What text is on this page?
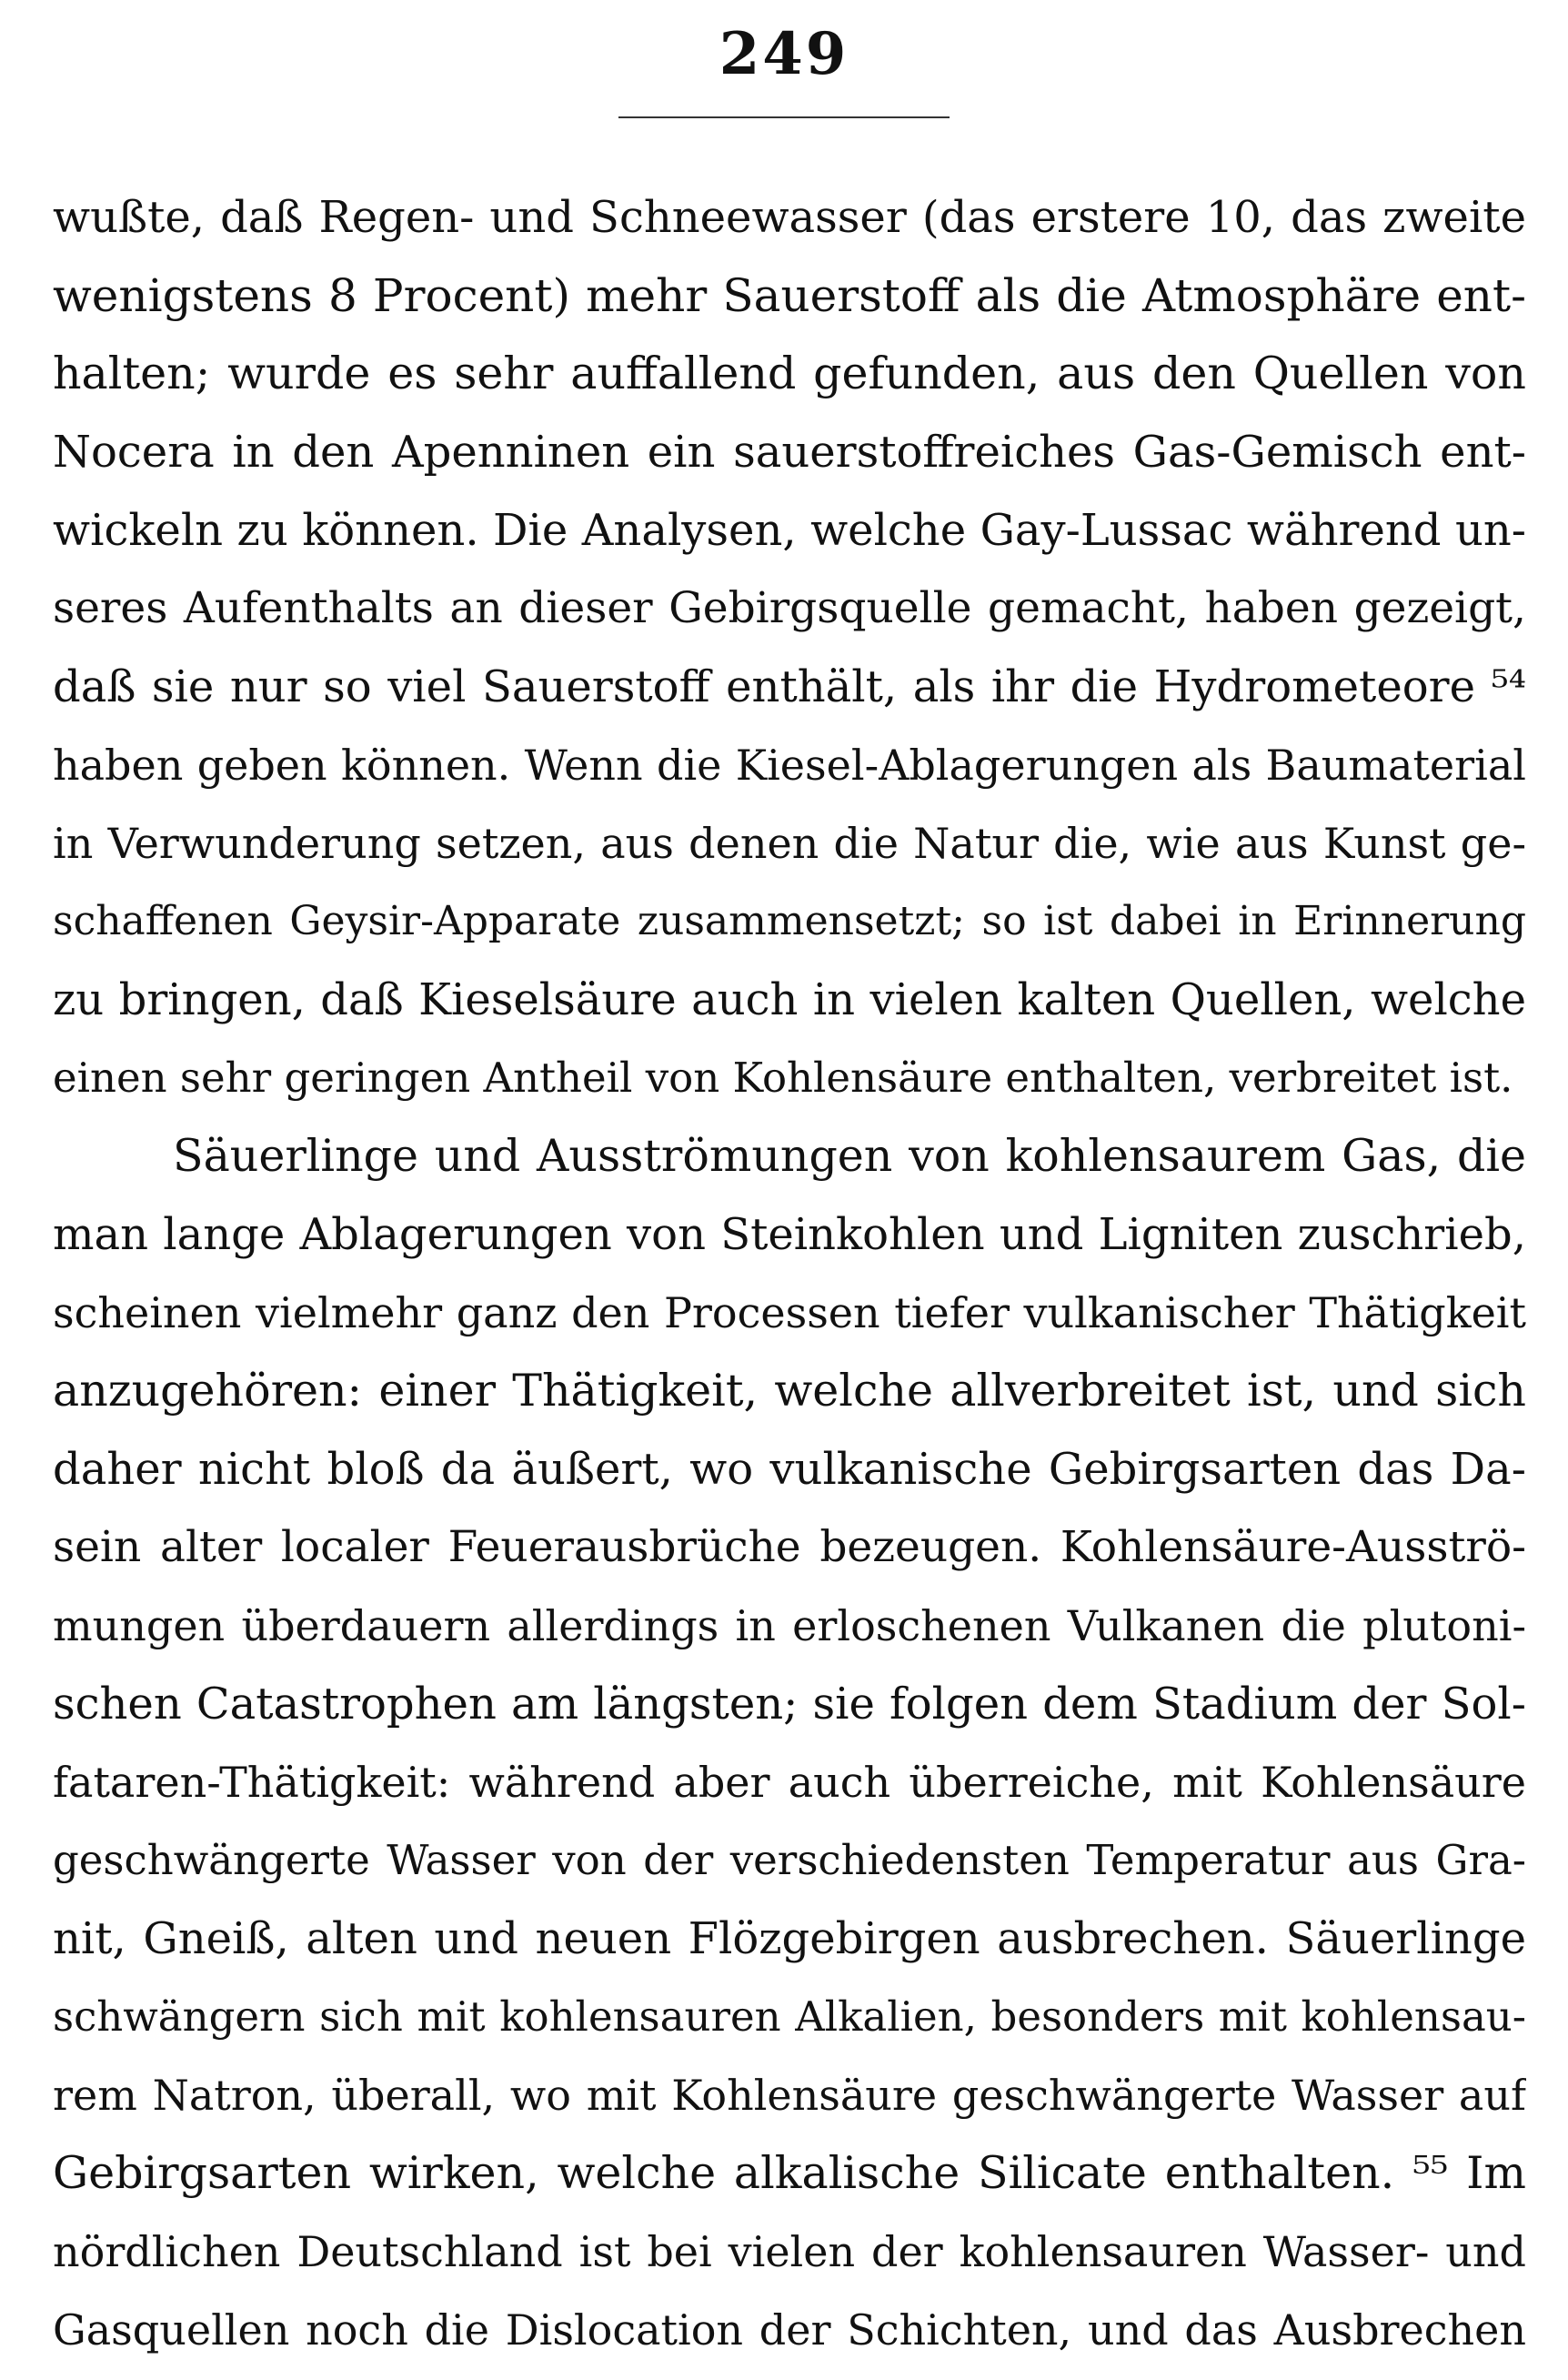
249
wußte, daß Regen- und Schneewasser (das erstere 10, das zweite
wenigstens 8 Procent) mehr Sauerstoff als die Atmosphäre ent-
halten; wurde es sehr auffallend gefunden, aus den Quellen von
Nocera in den Apenninen ein sauerstoffreiches Gas-Gemisch ent-
wickeln zu können. Die Analysen, welche Gay-Lussac während un-
seres Aufenthalts an dieser Gebirgsquelle gemacht, haben gezeigt,
daß sie nur so viel Sauerstoff enthält, als ihr die Hydrometeore ⁵⁴
haben geben können. Wenn die Kiesel-Ablagerungen als Baumaterial
in Verwunderung setzen, aus denen die Natur die, wie aus Kunst ge-
schaffenen Geysir-Apparate zusammensetzt; so ist dabei in Erinnerung
zu bringen, daß Kieselsäure auch in vielen kalten Quellen, welche
einen sehr geringen Antheil von Kohlensäure enthalten, verbreitet ist.
Säuerlinge und Ausströmungen von kohlensaurem Gas, die
man lange Ablagerungen von Steinkohlen und Ligniten zuschrieb,
scheinen vielmehr ganz den Processen tiefer vulkanischer Thätigkeit
anzugehören: einer Thätigkeit, welche allverbreitet ist, und sich
daher nicht bloß da äußert, wo vulkanische Gebirgsarten das Da-
sein alter localer Feuerausbrüche bezeugen. Kohlensäure-Ausströ-
mungen überdauern allerdings in erloschenen Vulkanen die plutoni-
schen Catastrophen am längsten; sie folgen dem Stadium der Sol-
fataren-Thätigkeit: während aber auch überreiche, mit Kohlensäure
geschwängerte Wasser von der verschiedensten Temperatur aus Gra-
nit, Gneiß, alten und neuen Flözgebirgen ausbrechen. Säuerlinge
schwängern sich mit kohlensauren Alkalien, besonders mit kohlensau-
rem Natron, überall, wo mit Kohlensäure geschwängerte Wasser auf
Gebirgsarten wirken, welche alkalische Silicate enthalten. ⁵⁵ Im
nördlichen Deutschland ist bei vielen der kohlensauren Wasser- und
Gasquellen noch die Dislocation der Schichten, und das Ausbrechen
